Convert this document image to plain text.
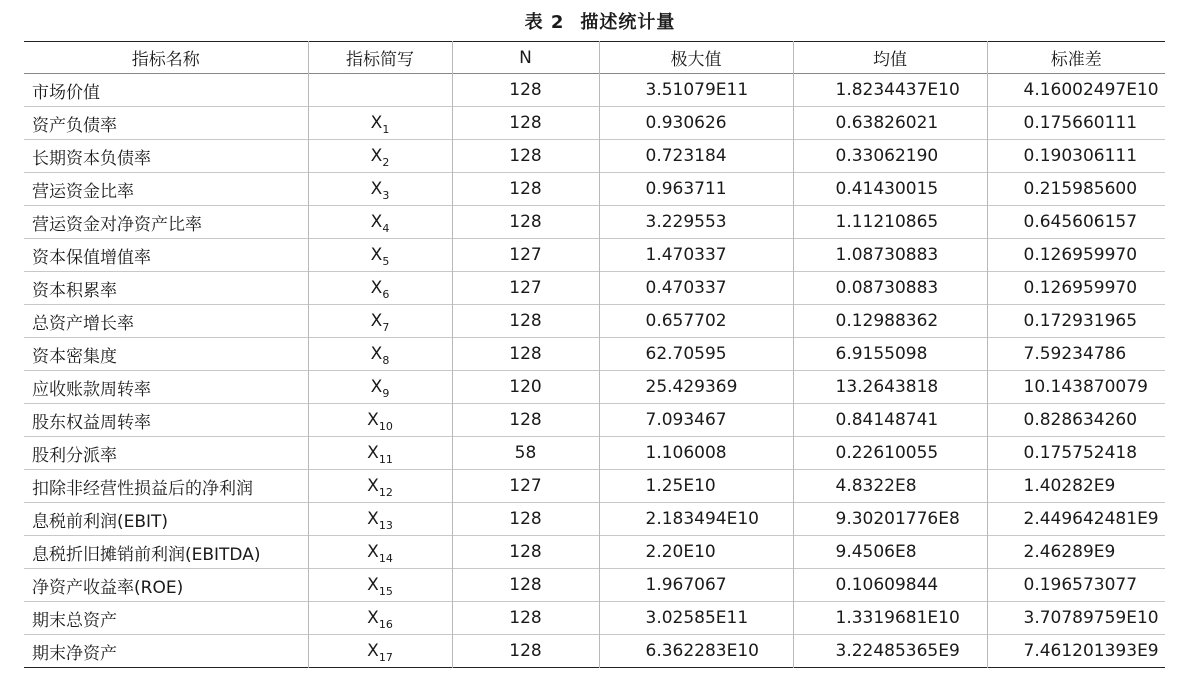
表 2 描述统计量
指标名称	指标简写	N	极大值	均值	标准差
市场价值		128	3.51079E11	1.8234437E10	4.16002497E10
资产负债率	$X_1$	128	0.930626	0.63826021	0.175660111
长期资本负债率	$X_2$	128	0.723184	0.33062190	0.190306111
营运资金比率	$X_3$	128	0.963711	0.41430015	0.215985600
营运资金对净资产比率	$X_4$	128	3.229553	1.11210865	0.645606157
资本保值增值率	$X_5$	127	1.470337	1.08730883	0.126959970
资本积累率	$X_6$	127	0.470337	0.08730883	0.126959970
总资产增长率	$X_7$	128	0.657702	0.12988362	0.172931965
资本密集度	$X_8$	128	62.70595	6.9155098	7.59234786
应收账款周转率	$X_9$	120	25.429369	13.2643818	10.143870079
股东权益周转率	$X_{10}$	128	7.093467	0.84148741	0.828634260
股利分派率	$X_{11}$	58	1.106008	0.22610055	0.175752418
扣除非经营性损益后的净利润	$X_{12}$	127	1.25E10	4.8322E8	1.40282E9
息税前利润(EBIT)	$X_{13}$	128	2.183494E10	9.30201776E8	2.449642481E9
息税折旧摊销前利润(EBITDA)	$X_{14}$	128	2.20E10	9.4506E8	2.46289E9
净资产收益率(ROE)	$X_{15}$	128	1.967067	0.10609844	0.196573077
期末总资产	$X_{16}$	128	3.02585E11	1.3319681E10	3.70789759E10
期末净资产	$X_{17}$	128	6.362283E10	3.22485365E9	7.461201393E9
